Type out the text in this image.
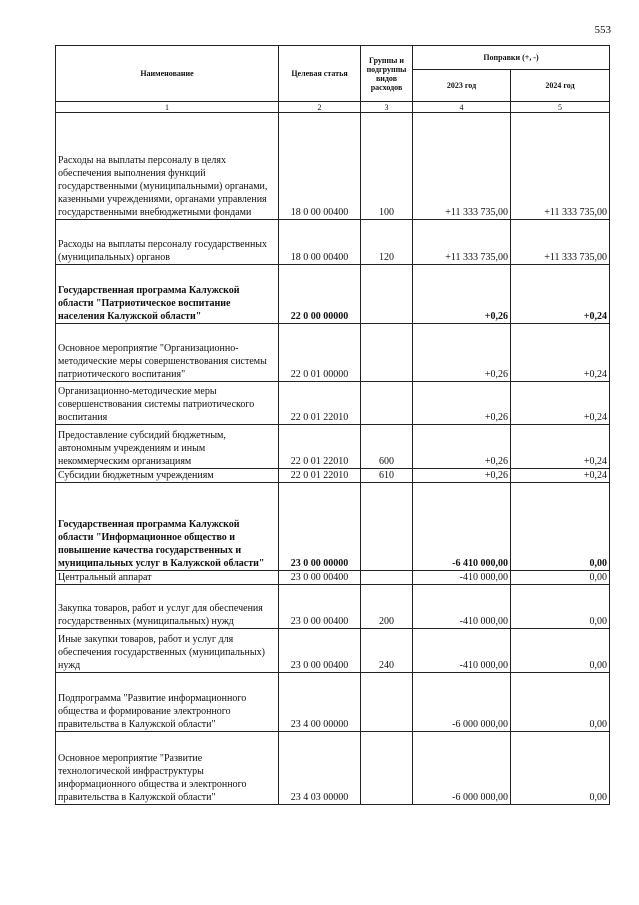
553
Наименование	Целевая статья	Группы и подгруппы видов расходов	Поправки (+, -)	
			2023 год	2024 год
1	2	3	4	5
Расходы на выплаты персоналу в целях обеспечения выполнения функций государственными (муниципальными) органами, казенными учреждениями, органами управления государственными внебюджетными фондами	18 0 00 00400	100	+11 333 735,00	+11 333 735,00
Расходы на выплаты персоналу государственных (муниципальных) органов	18 0 00 00400	120	+11 333 735,00	+11 333 735,00
Государственная программа Калужской области "Патриотическое воспитание населения Калужской области"	22 0 00 00000		+0,26	+0,24
Основное мероприятие "Организационно-методические меры совершенствования системы патриотического воспитания"	22 0 01 00000		+0,26	+0,24
Организационно-методические меры совершенствования системы патриотического воспитания	22 0 01 22010		+0,26	+0,24
Предоставление субсидий бюджетным, автономным учреждениям и иным некоммерческим организациям	22 0 01 22010	600	+0,26	+0,24
Субсидии бюджетным учреждениям	22 0 01 22010	610	+0,26	+0,24
Государственная программа Калужской области "Информационное общество и повышение качества государственных и муниципальных услуг в Калужской области"	23 0 00 00000		-6 410 000,00	0,00
Центральный аппарат	23 0 00 00400		-410 000,00	0,00
Закупка товаров, работ и услуг для обеспечения государственных (муниципальных) нужд	23 0 00 00400	200	-410 000,00	0,00
Иные закупки товаров, работ и услуг для обеспечения государственных (муниципальных) нужд	23 0 00 00400	240	-410 000,00	0,00
Подпрограмма "Развитие информационного общества и формирование электронного правительства в Калужской области"	23 4 00 00000		-6 000 000,00	0,00
Основное мероприятие "Развитие технологической инфраструктуры информационного общества и электронного правительства в Калужской области"	23 4 03 00000		-6 000 000,00	0,00
